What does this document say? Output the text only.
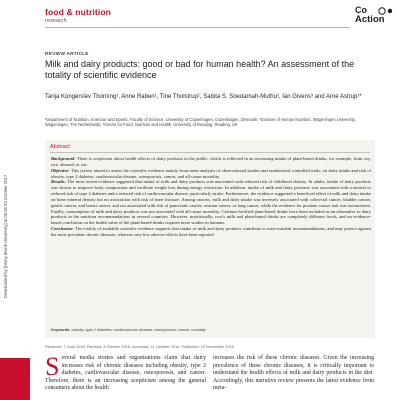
Downloaded by [Stony Brook University] at 09:28 03 October 2017
food & nutrition
research
Co
Action
REVIEW ARTICLE
Milk and dairy products: good or bad for human health? An assessment of the totality of scientific evidence
Tanja Kongerslev Thorning¹, Anne Raben¹, Tine Tholstrup¹, Sabita S. Soedamah-Muthu², Ian Givens³ and Arne Astrup¹*
¹Department of Nutrition, Exercise and Sports, Faculty of Science, University of Copenhagen, Copenhagen, Denmark; ²Division of Human Nutrition, Wageningen University, Wageningen, The Netherlands; ³Centre for Food, Nutrition and Health, University of Reading, Reading, UK
Abstract

Background: There is scepticism about health effects of dairy products in the public, which is reflected in an increasing intake of plant-based drinks, for example, from soy, rice, almond, or oat.

Objective: This review aimed to assess the scientific evidence mainly from meta-analyses of observational studies and randomised controlled trials, on dairy intake and risk of obesity, type 2 diabetes, cardiovascular disease, osteoporosis, cancer, and all-cause mortality.

Results: The most recent evidence suggested that intake of milk and dairy products was associated with reduced risk of childhood obesity. In adults, intake of dairy products was shown to improve body composition and facilitate weight loss during energy restriction. In addition, intake of milk and dairy products was associated with a neutral or reduced risk of type 2 diabetes and a reduced risk of cardiovascular disease, particularly stroke. Furthermore, the evidence suggested a beneficial effect of milk and dairy intake on bone mineral density but no association with risk of bone fracture. Among cancers, milk and dairy intake was inversely associated with colorectal cancer, bladder cancer, gastric cancer, and breast cancer, and not associated with risk of pancreatic cancer, ovarian cancer, or lung cancer, while the evidence for prostate cancer risk was inconsistent. Finally, consumption of milk and dairy products was not associated with all-cause mortality. Calcium-fortified plant-based drinks have been included as an alternative to dairy products in the nutrition recommendations in several countries. However, nutritionally, cow's milk and plant-based drinks are completely different foods, and an evidence-based conclusion on the health value of the plant-based drinks requires more studies in humans.

Conclusion: The totality of available scientific evidence supports that intake of milk and dairy products contribute to meet nutrient recommendations, and may protect against the most prevalent chronic diseases, whereas very few adverse effects have been reported.

Keywords: obesity; type 2 diabetes; cardiovascular disease; osteoporosis; cancer; mortality
Received: 7 June 2016; Revised: 4 October 2016; Accepted: 21 October 2016; Published: 22 November 2016
Several media stories and organisations claim that dairy increases risk of chronic diseases including obesity, type 2 diabetes, cardiovascular disease, osteoporosis, and cancer. Therefore, there is an increasing scepticism among the general consumers about the health
increases the risk of these chronic diseases. Given the increasing prevalence of these chronic diseases, it is critically important to understand the health effects of milk and dairy products in the diet. Accordingly, this narrative review presents the latest evidence from meta-
